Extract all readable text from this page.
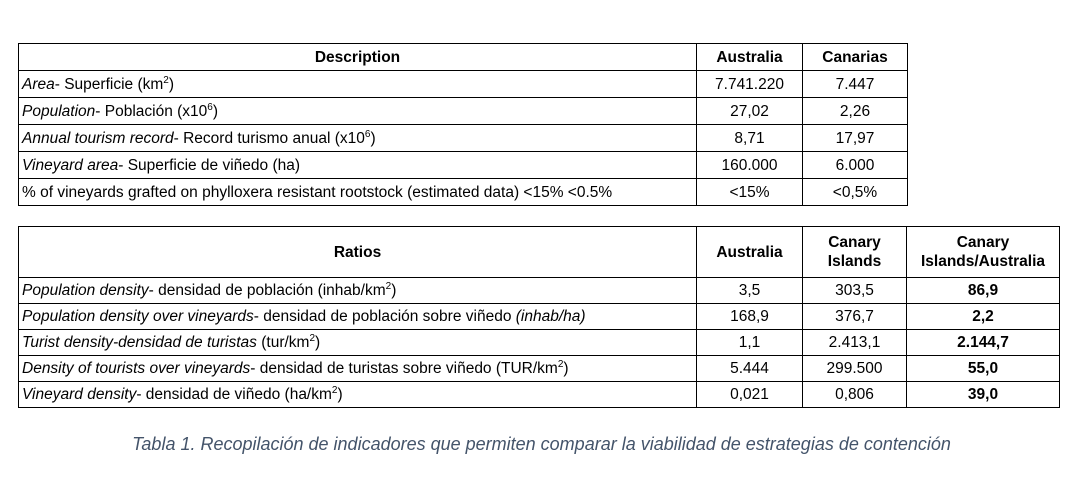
Description	Australia	Canarias
Area- Superficie $(km^2)$	7.741.220	7.447
Population- Población $(x10^6)$	27,02	2,26
Annual tourism record- Record turismo anual $(x10^6)$	8,71	17,97
Vineyard area- Superficie de viñedo (ha)	160.000	6.000
% of vineyards grafted on phylloxera resistant rootstock (estimated data) <15% <0.5%	<15%	<0,5%
Ratios	Australia	Canary Islands	Canary Islands/Australia
Population density- densidad de población $(inhab/km^2)$	3,5	303,5	86,9
Population density over vineyards- densidad de población sobre viñedo (inhab/ha)	168,9	376,7	2,2
Turist density-densidad de turistas $(tur/km^2)$	1,1	2.413,1	2.144,7
Density of tourists over vineyards- densidad de turistas sobre viñedo $(TUR/km^2)$	5.444	299.500	55,0
Vineyard density- densidad de viñedo $(ha/km^2)$	0,021	0,806	39,0
Tabla 1. Recopilación de indicadores que permiten comparar la viabilidad de estrategias de contención
